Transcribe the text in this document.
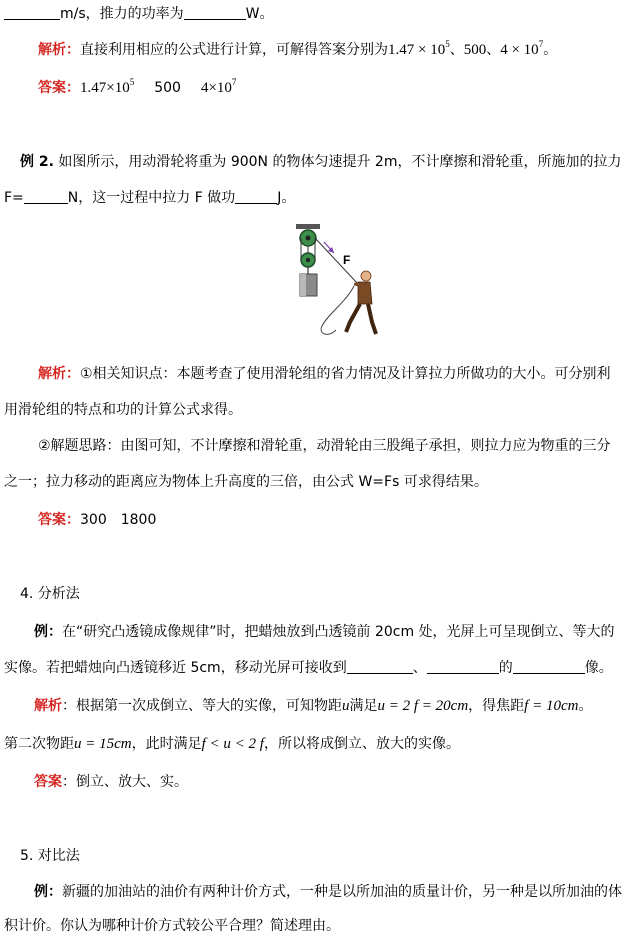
m/s，推力的功率为	W。
解析：直接利用相应的公式进行计算，可解得答案分别为$1.47 \times 10^5$、500、$4 \times 10^7$。
答案：$1.47\times 10^5$ 500 $4\times 10^7$
例 2. 如图所示，用动滑轮将重为 900N 的物体匀速提升 2m，不计摩擦和滑轮重，所施加的拉力
F=	N，这一过程中拉力 F 做功	J。
F
解析：①相关知识点：本题考查了使用滑轮组的省力情况及计算拉力所做功的大小。可分别利
用滑轮组的特点和功的计算公式求得。
②解题思路：由图可知，不计摩擦和滑轮重，动滑轮由三股绳子承担，则拉力应为物重的三分
之一；拉力移动的距离应为物体上升高度的三倍，由公式 W=Fs 可求得结果。
答案：300　1800
4. 分析法
例：在“研究凸透镜成像规律”时，把蜡烛放到凸透镜前 20cm 处，光屏上可呈现倒立、等大的
实像。若把蜡烛向凸透镜移近 5cm，移动光屏可接收到	、	的	像。
解析：根据第一次成倒立、等大的实像，可知物距u满足u = 2 f = 20cm，得焦距f = 10cm。
第二次物距u = 15cm，此时满足f < u < 2 f，所以将成倒立、放大的实像。
答案：倒立、放大、实。
5. 对比法
例：新疆的加油站的油价有两种计价方式，一种是以所加油的质量计价，另一种是以所加油的体
积计价。你认为哪种计价方式较公平合理？简述理由。
